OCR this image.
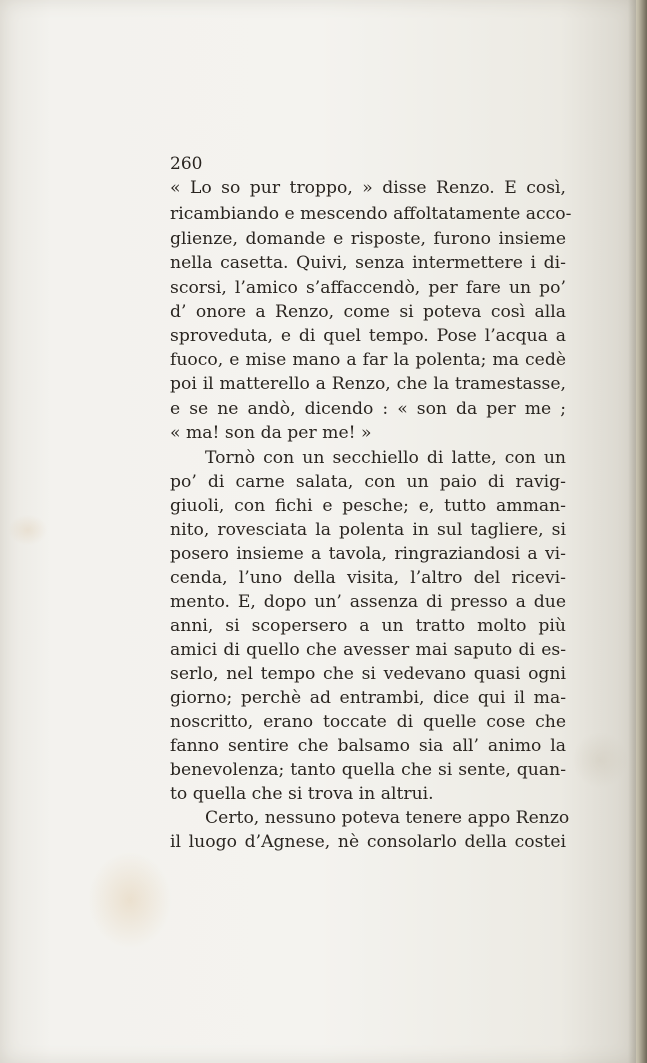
260
« Lo so pur troppo, » disse Renzo. E così,
ricambiando e mescendo affoltatamente acco-
glienze, domande e risposte, furono insieme
nella casetta. Quivi, senza intermettere i di-
scorsi, l’amico s’affaccendò, per fare un po’
d’ onore a Renzo, come si poteva così alla
sproveduta, e di quel tempo. Pose l’acqua a
fuoco, e mise mano a far la polenta; ma cedè
poi il matterello a Renzo, che la tramestasse,
e se ne andò, dicendo : « son da per me ;
« ma! son da per me! »
Tornò con un secchiello di latte, con un
po’ di carne salata, con un paio di ravig-
giuoli, con fichi e pesche; e, tutto amman-
nito, rovesciata la polenta in sul tagliere, si
posero insieme a tavola, ringraziandosi a vi-
cenda, l’uno della visita, l’altro del ricevi-
mento. E, dopo un’ assenza di presso a due
anni, si scopersero a un tratto molto più
amici di quello che avesser mai saputo di es-
serlo, nel tempo che si vedevano quasi ogni
giorno; perchè ad entrambi, dice qui il ma-
noscritto, erano toccate di quelle cose che
fanno sentire che balsamo sia all’ animo la
benevolenza; tanto quella che si sente, quan-
to quella che si trova in altrui.
Certo, nessuno poteva tenere appo Renzo
il luogo d’Agnese, nè consolarlo della costei
